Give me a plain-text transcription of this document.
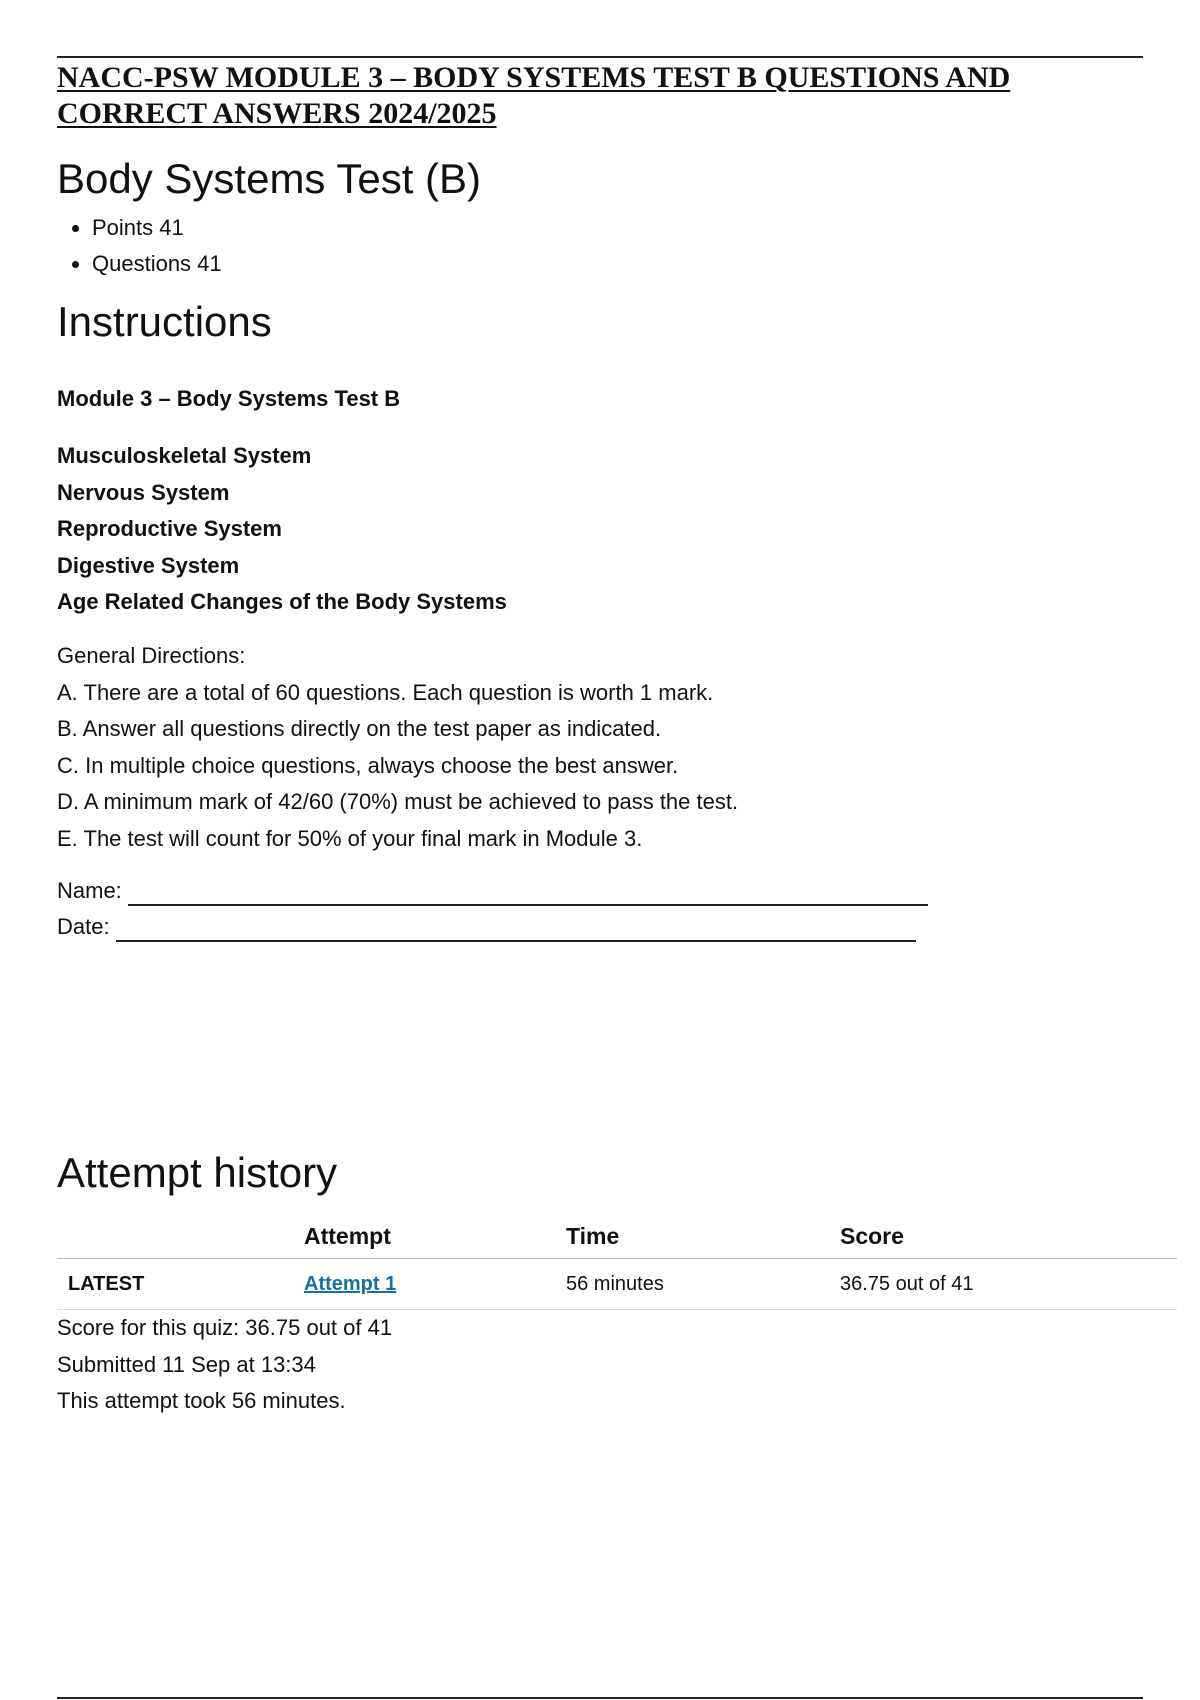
NACC-PSW MODULE 3 – BODY SYSTEMS TEST B QUESTIONS AND
CORRECT ANSWERS 2024/2025
Body Systems Test (B)
• Points 41
• Questions 41
Instructions
Module 3 – Body Systems Test B
Musculoskeletal System
Nervous System
Reproductive System
Digestive System
Age Related Changes of the Body Systems
General Directions:
A. There are a total of 60 questions. Each question is worth 1 mark.
B. Answer all questions directly on the test paper as indicated.
C. In multiple choice questions, always choose the best answer.
D. A minimum mark of 42/60 (70%) must be achieved to pass the test.
E. The test will count for 50% of your final mark in Module 3.
Name:
Date:
Attempt history
	Attempt	Time	Score
LATEST	Attempt 1	56 minutes	36.75 out of 41
Score for this quiz: 36.75 out of 41
Submitted 11 Sep at 13:34
This attempt took 56 minutes.
